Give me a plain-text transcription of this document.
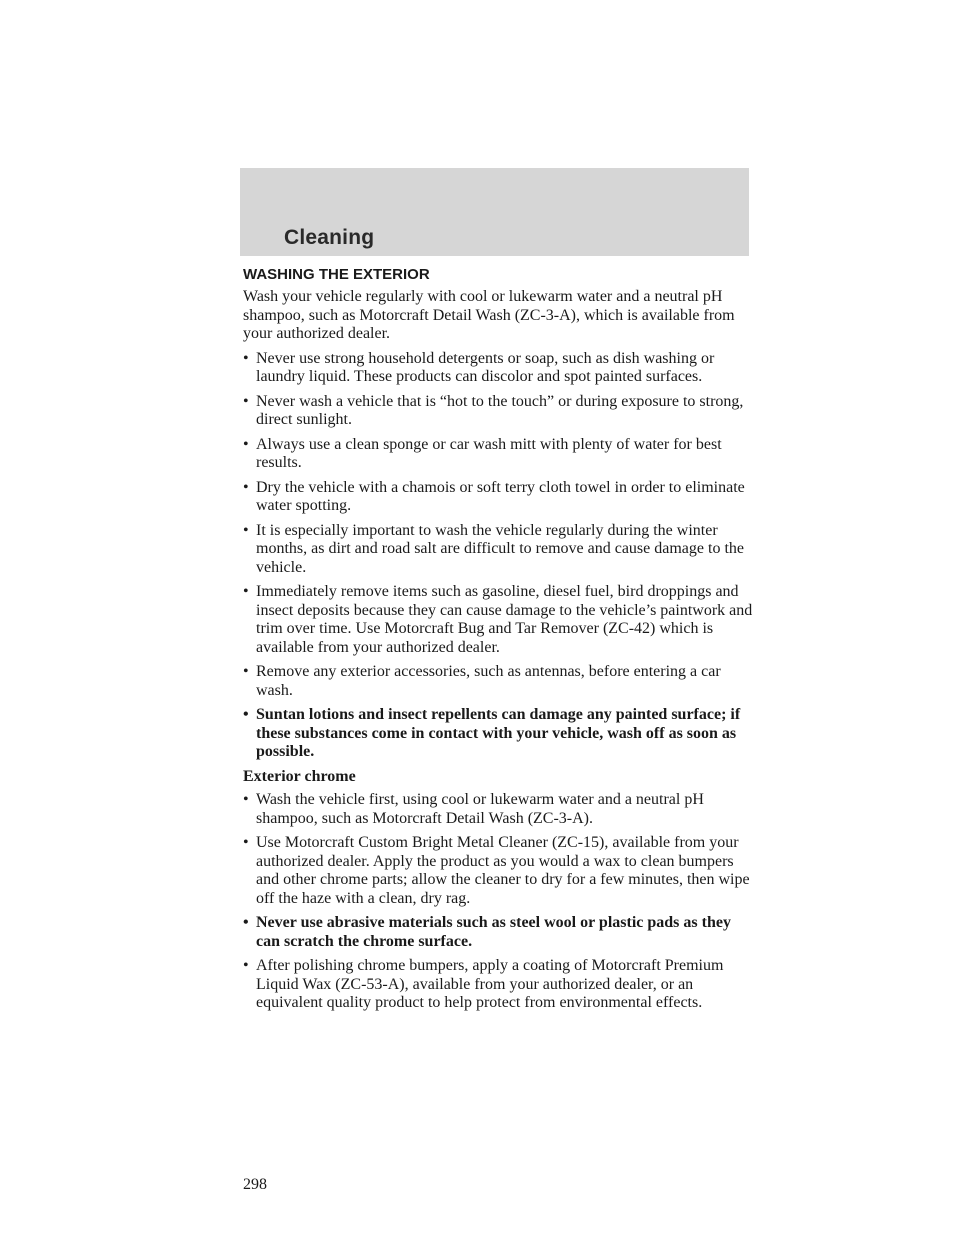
Cleaning
WASHING THE EXTERIOR

Wash your vehicle regularly with cool or lukewarm water and a neutral pH shampoo, such as Motorcraft Detail Wash (ZC-3-A), which is available from your authorized dealer.

• Never use strong household detergents or soap, such as dish washing or laundry liquid. These products can discolor and spot painted surfaces.
• Never wash a vehicle that is “hot to the touch” or during exposure to strong, direct sunlight.
• Always use a clean sponge or car wash mitt with plenty of water for best results.
• Dry the vehicle with a chamois or soft terry cloth towel in order to eliminate water spotting.
• It is especially important to wash the vehicle regularly during the winter months, as dirt and road salt are difficult to remove and cause damage to the vehicle.
• Immediately remove items such as gasoline, diesel fuel, bird droppings and insect deposits because they can cause damage to the vehicle’s paintwork and trim over time. Use Motorcraft Bug and Tar Remover (ZC-42) which is available from your authorized dealer.
• Remove any exterior accessories, such as antennas, before entering a car wash.
• Suntan lotions and insect repellents can damage any painted surface; if these substances come in contact with your vehicle, wash off as soon as possible.
Exterior chrome
• Wash the vehicle first, using cool or lukewarm water and a neutral pH shampoo, such as Motorcraft Detail Wash (ZC-3-A).
• Use Motorcraft Custom Bright Metal Cleaner (ZC-15), available from your authorized dealer. Apply the product as you would a wax to clean bumpers and other chrome parts; allow the cleaner to dry for a few minutes, then wipe off the haze with a clean, dry rag.
• Never use abrasive materials such as steel wool or plastic pads as they can scratch the chrome surface.
• After polishing chrome bumpers, apply a coating of Motorcraft Premium Liquid Wax (ZC-53-A), available from your authorized dealer, or an equivalent quality product to help protect from environmental effects.
298
